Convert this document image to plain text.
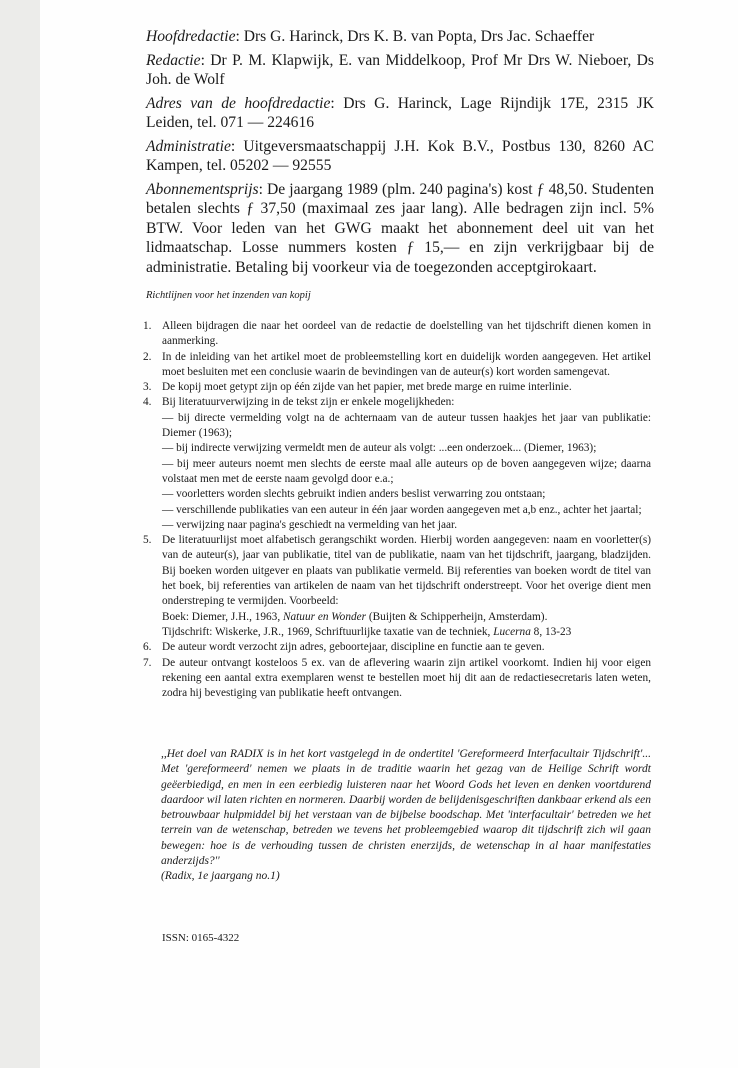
Hoofdredactie: Drs G. Harinck, Drs K. B. van Popta, Drs Jac. Schaeffer

Redactie: Dr P. M. Klapwijk, E. van Middelkoop, Prof Mr Drs W. Nieboer, Ds Joh. de Wolf

Adres van de hoofdredactie: Drs G. Harinck, Lage Rijndijk 17E, 2315 JK Leiden, tel. 071 — 224616

Administratie: Uitgeversmaatschappij J.H. Kok B.V., Postbus 130, 8260 AC Kampen, tel. 05202 — 92555

Abonnementsprijs: De jaargang 1989 (plm. 240 pagina's) kost ƒ 48,50. Studenten betalen slechts ƒ 37,50 (maximaal zes jaar lang). Alle bedragen zijn incl. 5% BTW. Voor leden van het GWG maakt het abonnement deel uit van het lidmaatschap. Losse nummers kosten ƒ 15,— en zijn verkrijgbaar bij de administratie. Betaling bij voorkeur via de toegezonden acceptgirokaart.

Richtlijnen voor het inzenden van kopij

1. Alleen bijdragen die naar het oordeel van de redactie de doelstelling van het tijdschrift dienen komen in aanmerking.
2. In de inleiding van het artikel moet de probleemstelling kort en duidelijk worden aangegeven. Het artikel moet besluiten met een conclusie waarin de bevindingen van de auteur(s) kort worden samengevat.
3. De kopij moet getypt zijn op één zijde van het papier, met brede marge en ruime interlinie.
4. Bij literatuurverwijzing in de tekst zijn er enkele mogelijkheden:
— bij directe vermelding volgt na de achternaam van de auteur tussen haakjes het jaar van publikatie: Diemer (1963);
— bij indirecte verwijzing vermeldt men de auteur als volgt: ...een onderzoek... (Diemer, 1963);
— bij meer auteurs noemt men slechts de eerste maal alle auteurs op de boven aangegeven wijze; daarna volstaat men met de eerste naam gevolgd door e.a.;
— voorletters worden slechts gebruikt indien anders beslist verwarring zou ontstaan;
— verschillende publikaties van een auteur in één jaar worden aangegeven met a,b enz., achter het jaartal;
— verwijzing naar pagina's geschiedt na vermelding van het jaar.
5. De literatuurlijst moet alfabetisch gerangschikt worden. Hierbij worden aangegeven: naam en voorletter(s) van de auteur(s), jaar van publikatie, titel van de publikatie, naam van het tijdschrift, jaargang, bladzijden. Bij boeken worden uitgever en plaats van publikatie vermeld. Bij referenties van boeken wordt de titel van het boek, bij referenties van artikelen de naam van het tijdschrift onderstreept. Voor het overige dient men onderstreping te vermijden. Voorbeeld:
Boek: Diemer, J.H., 1963, Natuur en Wonder (Buijten & Schipperheijn, Amsterdam).
Tijdschrift: Wiskerke, J.R., 1969, Schriftuurlijke taxatie van de techniek, Lucerna 8, 13-23
6. De auteur wordt verzocht zijn adres, geboortejaar, discipline en functie aan te geven.
7. De auteur ontvangt kosteloos 5 ex. van de aflevering waarin zijn artikel voorkomt. Indien hij voor eigen rekening een aantal extra exemplaren wenst te bestellen moet hij dit aan de redactiesecretaris laten weten, zodra hij bevestiging van publikatie heeft ontvangen.

,,Het doel van RADIX is in het kort vastgelegd in de ondertitel 'Gereformeerd Interfacultair Tijdschrift'... Met 'gereformeerd' nemen we plaats in de traditie waarin het gezag van de Heilige Schrift wordt geëerbiedigd, en men in een eerbiedig luisteren naar het Woord Gods het leven en denken voortdurend daardoor wil laten richten en normeren. Daarbij worden de belijdenisgeschriften dankbaar erkend als een betrouwbaar hulpmiddel bij het verstaan van de bijbelse boodschap. Met 'interfacultair' betreden we het terrein van de wetenschap, betreden we tevens het probleemgebied waarop dit tijdschrift zich wil gaan bewegen: hoe is de verhouding tussen de christen enerzijds, de wetenschap in al haar manifestaties anderzijds?''

(Radix, 1e jaargang no.1)

ISSN: 0165-4322
